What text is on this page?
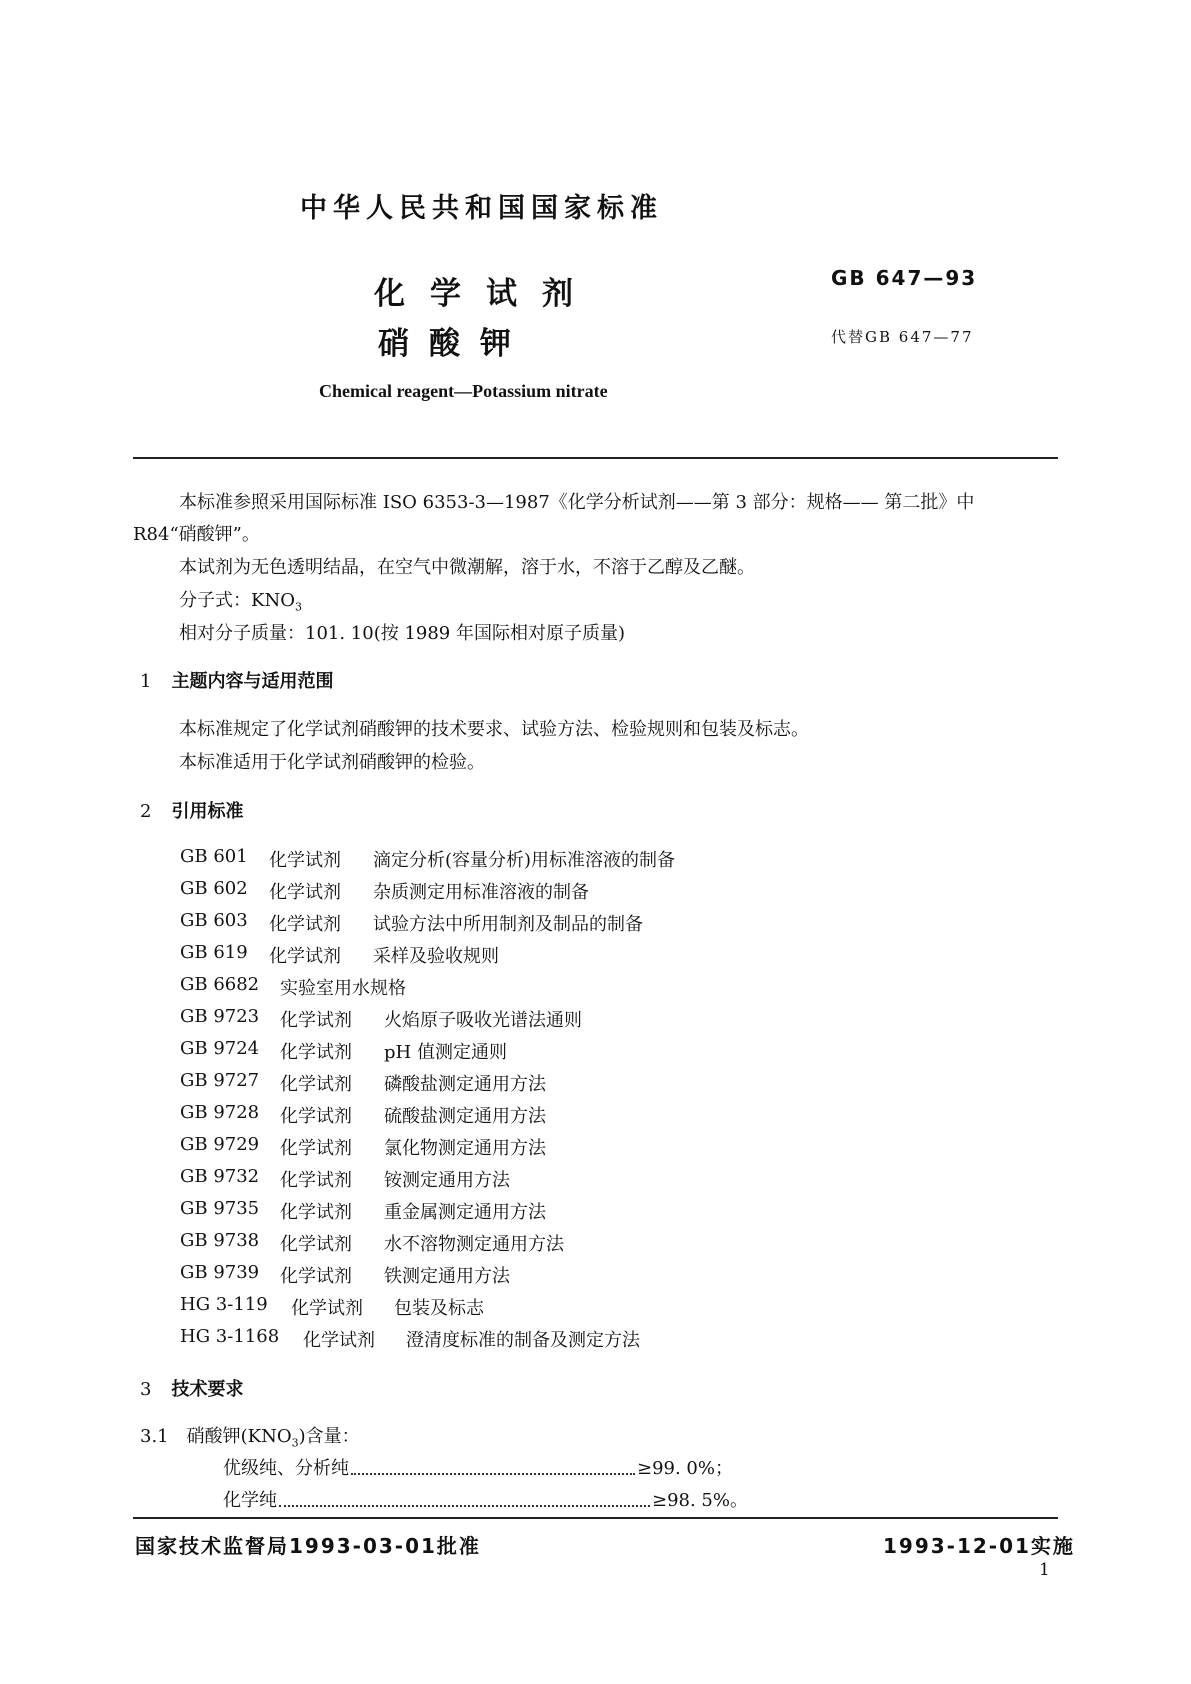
中华人民共和国国家标准
化学试剂
硝酸钾
GB 647—93
代替GB 647—77
Chemical reagent—Potassium nitrate
本标准参照采用国际标准 ISO 6353-3—1987《化学分析试剂——第 3 部分：规格—— 第二批》中
R84“硝酸钾”。
本试剂为无色透明结晶，在空气中微潮解，溶于水，不溶于乙醇及乙醚。
分子式：$KNO_3$
相对分子质量：101. 10(按 1989 年国际相对原子质量)
1 主题内容与适用范围
本标准规定了化学试剂硝酸钾的技术要求、试验方法、检验规则和包装及标志。
本标准适用于化学试剂硝酸钾的检验。
2 引用标准
GB 601 化学试剂 滴定分析(容量分析)用标准溶液的制备
GB 602 化学试剂 杂质测定用标准溶液的制备
GB 603 化学试剂 试验方法中所用制剂及制品的制备
GB 619 化学试剂 采样及验收规则
GB 6682 实验室用水规格
GB 9723 化学试剂 火焰原子吸收光谱法通则
GB 9724 化学试剂 pH 值测定通则
GB 9727 化学试剂 磷酸盐测定通用方法
GB 9728 化学试剂 硫酸盐测定通用方法
GB 9729 化学试剂 氯化物测定通用方法
GB 9732 化学试剂 铵测定通用方法
GB 9735 化学试剂 重金属测定通用方法
GB 9738 化学试剂 水不溶物测定通用方法
GB 9739 化学试剂 铁测定通用方法
HG 3-119 化学试剂 包装及标志
HG 3-1168 化学试剂 澄清度标准的制备及测定方法
3 技术要求
3.1 硝酸钾$(KNO_3)$含量：
优级纯、分析纯	≥99. 0%；
化学纯	≥98. 5%。
国家技术监督局1993-03-01批准	1993-12-01实施
1
